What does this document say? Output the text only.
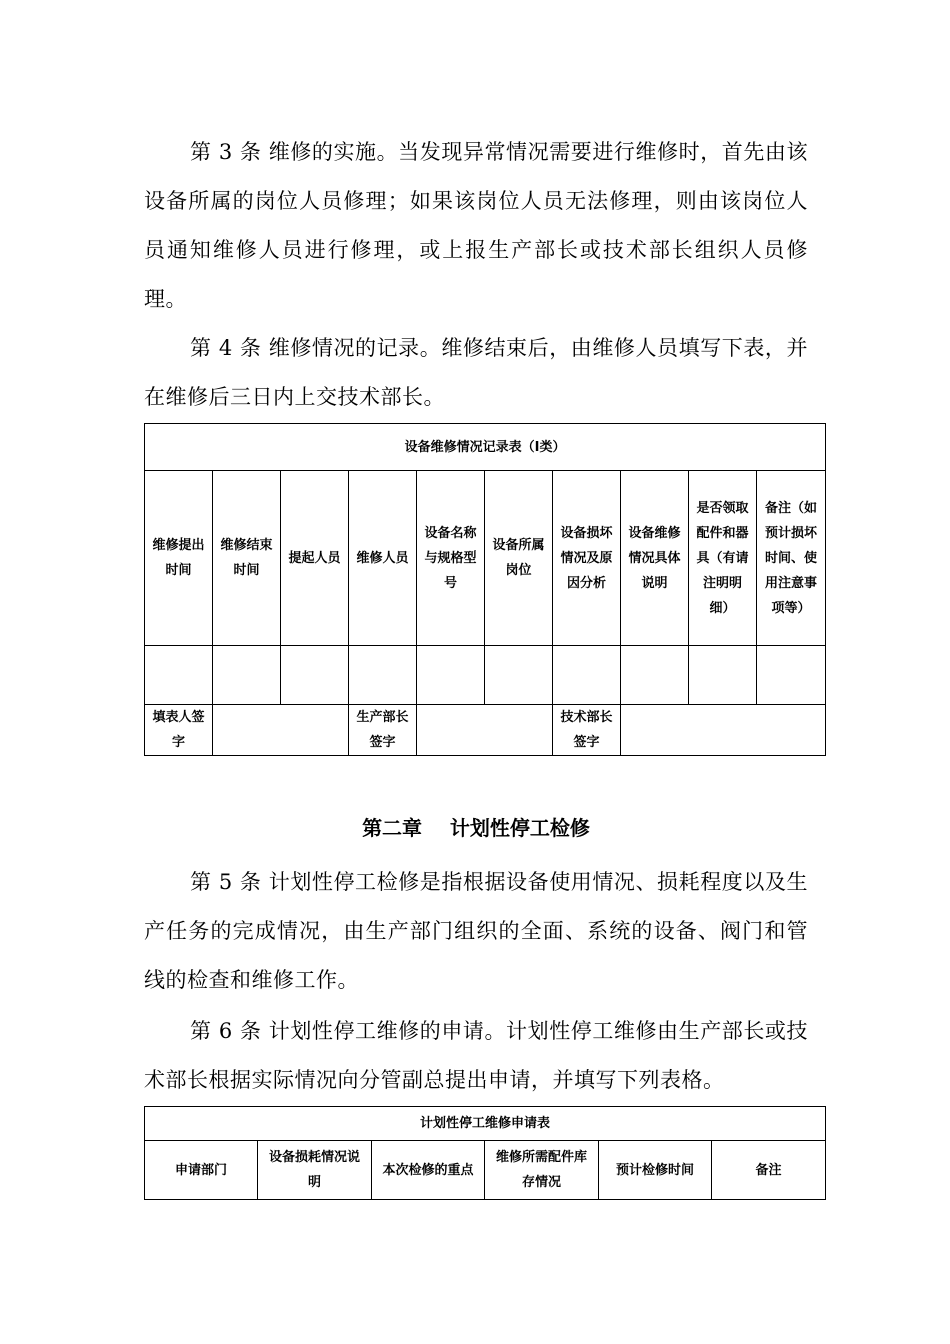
第 3 条 维修的实施。当发现异常情况需要进行维修时，首先由该设备所属的岗位人员修理；如果该岗位人员无法修理，则由该岗位人员通知维修人员进行修理，或上报生产部长或技术部长组织人员修理。

第 4 条 维修情况的记录。维修结束后，由维修人员填写下表，并在维修后三日内上交技术部长。

设备维修情况记录表（Ⅰ类）									
维修提出时间	维修结束时间	提起人员	维修人员	设备名称与规格型号	设备所属岗位	设备损坏情况及原因分析	设备维修情况具体说明	是否领取配件和器具（有请注明明细）	备注（如预计损坏时间、使用注意事项等）

填表人签字			生产部长签字			技术部长签字			
第二章    计划性停工检修

第 5 条 计划性停工检修是指根据设备使用情况、损耗程度以及生产任务的完成情况，由生产部门组织的全面、系统的设备、阀门和管线的检查和维修工作。

第 6 条 计划性停工维修的申请。计划性停工维修由生产部长或技术部长根据实际情况向分管副总提出申请，并填写下列表格。

计划性停工维修申请表
申请部门	设备损耗情况说明	本次检修的重点	维修所需配件库存情况	预计检修时间	备注
